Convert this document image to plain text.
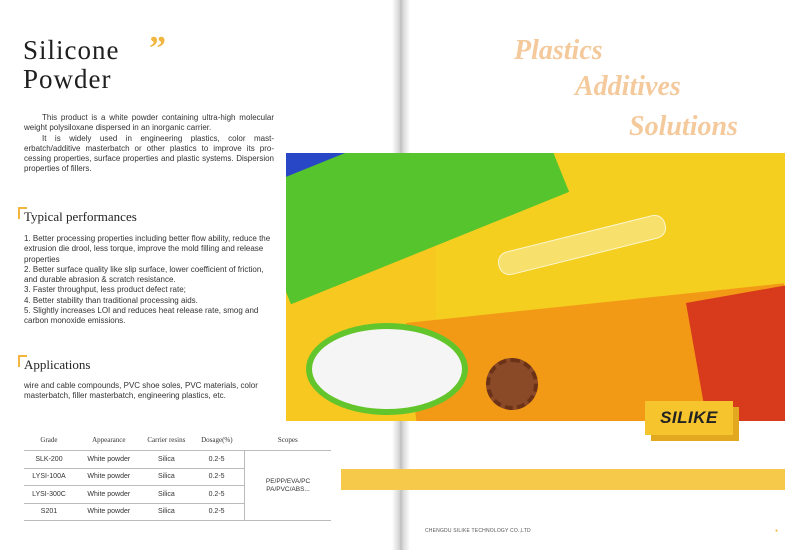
Silicone
Powder
”

This product is a white powder containing ultra-high molecular weight polysiloxane dispersed in an inorganic carrier.

It is widely used in engineering plastics, color mast-erbatch/additive masterbatch or other plastics to improve its pro-cessing properties, surface properties and plastic systems. Dispersion properties of fillers.

Typical performances
1. Better processing properties including better flow ability, reduce the extrusion die drool, less torque, improve the mold filling and release properties
2. Better surface quality like slip surface, lower coefficient of friction, and durable abrasion & scratch resistance.
3. Faster throughput, less product defect rate;
4. Better stability than traditional processing aids.
5. Slightly increases LOI and reduces heat release rate, smog and carbon monoxide emissions.
Applications

wire and cable compounds, PVC shoe soles, PVC materials, color masterbatch, filler masterbatch, engineering plastics, etc.

Grade	Appearance	Carrier resins	Dosage(%)	Scopes
SLK-200	White powder	Silica	0.2-5	PE/PP/EVA/PC PA/PVC/ABS...
LYSI-100A	White powder	Silica	0.2-5	
LYSI-300C	White powder	Silica	0.2-5	
S201	White powder	Silica	0.2-5	
Plastics
Additives
Solutions
SILIKE
CHENGDU SILIKE TECHNOLOGY CO.,LTD	●
